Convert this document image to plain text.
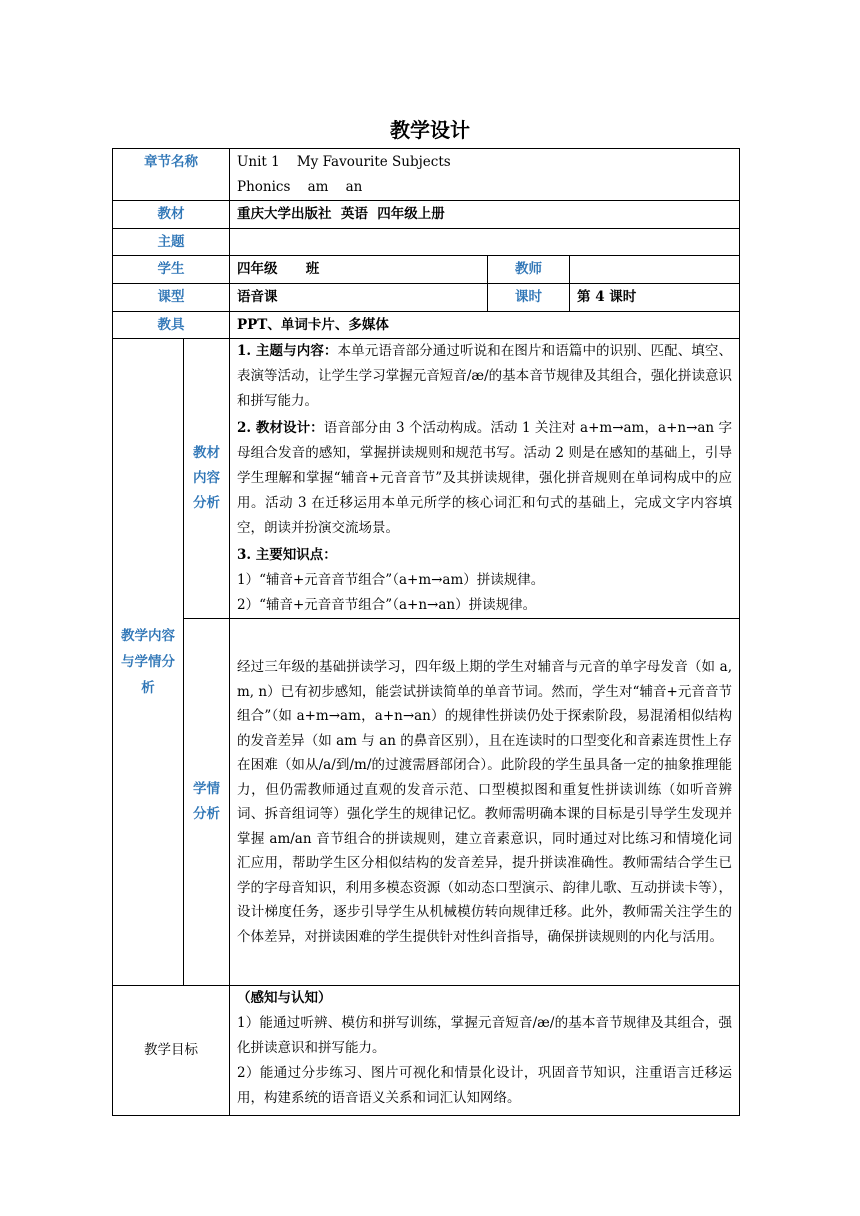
教学设计
章节名称		Unit 1    My Favourite Subjects
Phonics    am    an		

教材		重庆大学出版社  英语  四年级上册		
主题				
学生		四年级      班	教师	
课型		语音课	课时	第 4 课时
教具		PPT、单词卡片、多媒体		
教学内容与学情分析	教材内容分析	1. 主题与内容：本单元语音部分通过听说和在图片和语篇中的识别、匹配、填空、表演等活动，让学生学习掌握元音短音/æ/的基本音节规律及其组合，强化拼读意识和拼写能力。
2. 教材设计：语音部分由 3 个活动构成。活动 1 关注对 a+m→am，a+n→an 字母组合发音的感知，掌握拼读规则和规范书写。活动 2 则是在感知的基础上，引导学生理解和掌握“辅音+元音音节”及其拼读规律，强化拼音规则在单词构成中的应用。活动 3 在迁移运用本单元所学的核心词汇和句式的基础上，完成文字内容填空，朗读并扮演交流场景。
3. 主要知识点：
1）“辅音+元音音节组合”（a+m→am）拼读规律。
2）“辅音+元音音节组合”（a+n→an）拼读规律。		

	学情分析	经过三年级的基础拼读学习，四年级上期的学生对辅音与元音的单字母发音（如 a, m, n）已有初步感知，能尝试拼读简单的单音节词。然而，学生对“辅音+元音音节组合”（如 a+m→am，a+n→an）的规律性拼读仍处于探索阶段，易混淆相似结构的发音差异（如 am 与 an 的鼻音区别），且在连读时的口型变化和音素连贯性上存在困难（如从/a/到/m/的过渡需唇部闭合）。此阶段的学生虽具备一定的抽象推理能力，但仍需教师通过直观的发音示范、口型模拟图和重复性拼读训练（如听音辨词、拆音组词等）强化学生的规律记忆。教师需明确本课的目标是引导学生发现并掌握 am/an 音节组合的拼读规则，建立音素意识，同时通过对比练习和情境化词汇应用，帮助学生区分相似结构的发音差异，提升拼读准确性。教师需结合学生已学的字母音知识，利用多模态资源（如动态口型演示、韵律儿歌、互动拼读卡等），设计梯度任务，逐步引导学生从机械模仿转向规律迁移。此外，教师需关注学生的个体差异，对拼读困难的学生提供针对性纠音指导，确保拼读规则的内化与活用。		
教学目标		（感知与认知）
1）能通过听辨、模仿和拼写训练，掌握元音短音/æ/的基本音节规律及其组合，强化拼读意识和拼写能力。
2）能通过分步练习、图片可视化和情景化设计，巩固音节知识，注重语言迁移运用，构建系统的语音语义关系和词汇认知网络。		
